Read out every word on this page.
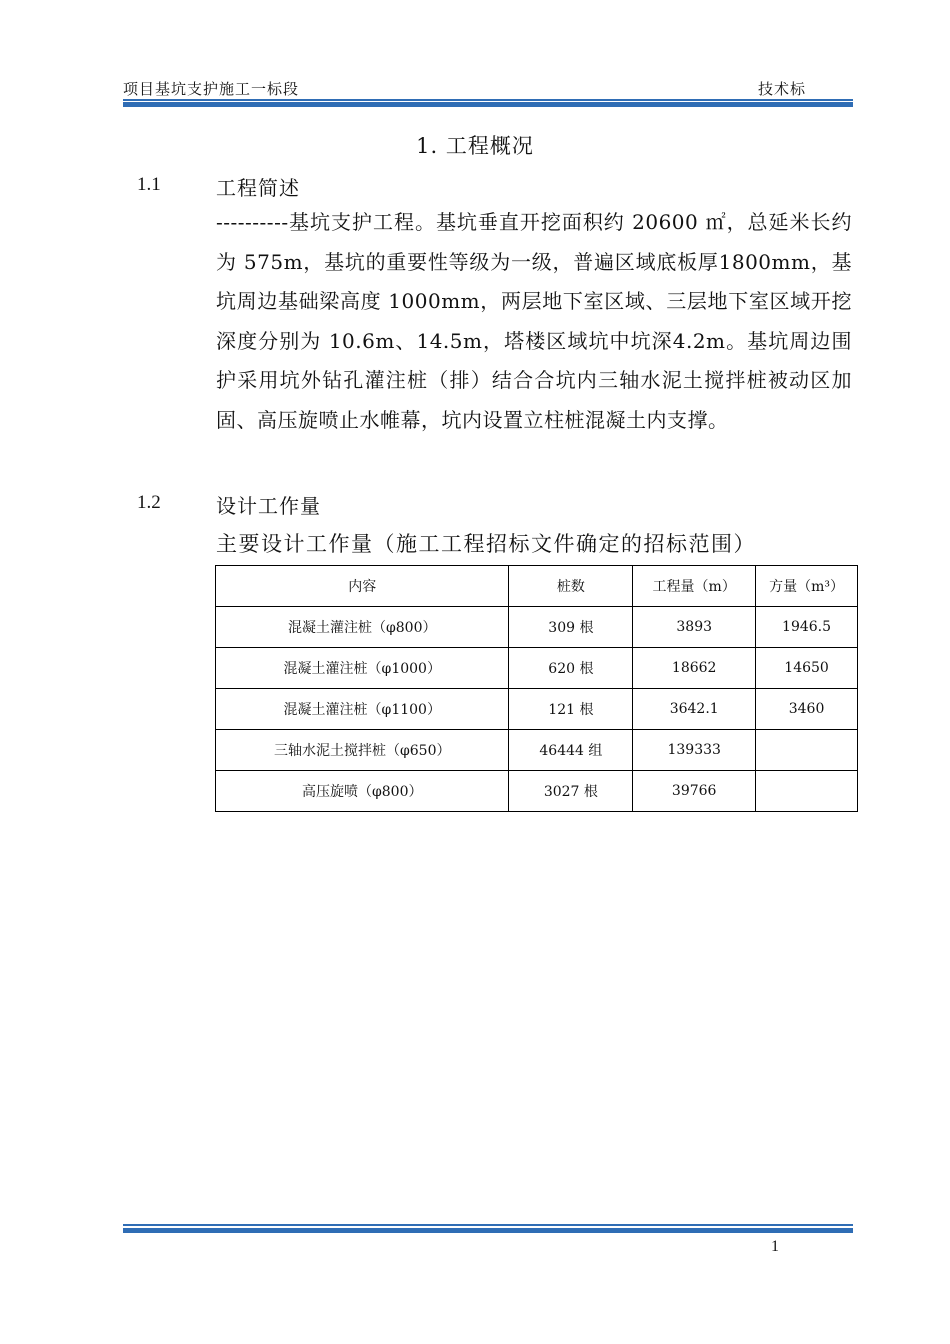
项目基坑支护施工一标段	技术标
1. 工程概况
1.1	工程简述

----------基坑支护工程。基坑垂直开挖面积约 20600 ㎡，总延米长约为 575m，基坑的重要性等级为一级，普遍区域底板厚1800mm，基坑周边基础梁高度 1000mm，两层地下室区域、三层地下室区域开挖深度分别为 10.6m、14.5m，塔楼区域坑中坑深4.2m。基坑周边围护采用坑外钻孔灌注桩（排）结合合坑内三轴水泥土搅拌桩被动区加固、高压旋喷止水帷幕，坑内设置立柱桩混凝土内支撑。

1.2	设计工作量
主要设计工作量（施工工程招标文件确定的招标范围）
内容	桩数	工程量（m）	方量（m³）
混凝土灌注桩（φ800）	309 根	3893	1946.5
混凝土灌注桩（φ1000）	620 根	18662	14650
混凝土灌注桩（φ1100）	121 根	3642.1	3460
三轴水泥土搅拌桩（φ650）	46444 组	139333	
高压旋喷（φ800）	3027 根	39766	
1
